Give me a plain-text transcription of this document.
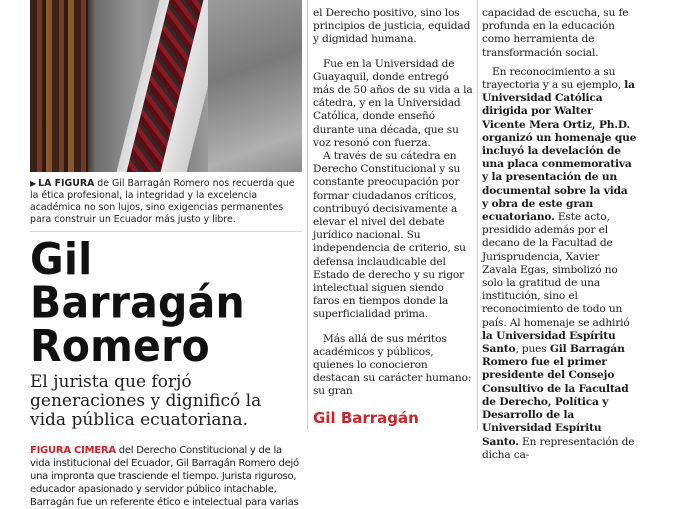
▶ LA FIGURA de Gil Barragán Romero nos recuerda que la ética profesional, la integridad y la excelencia académica no son lujos, sino exigencias permanentes para construir un Ecuador más justo y libre.
Gil Barragán
Romero
El jurista que forjó generaciones y dignificó la vida pública ecuatoriana.
FIGURA CIMERA del Derecho Constitucional y de la vida institucional del Ecuador, Gil Barragán Romero dejó una impronta que trasciende el tiempo. Jurista riguroso, educador apasionado y servidor público intachable, Barragán fue un referente ético e intelectual para varias

el Derecho positivo, sino los principios de justicia, equidad y dignidad humana.

Fue en la Universidad de Guayaquil, donde entregó más de 50 años de su vida a la cátedra, y en la Universidad Católica, donde enseñó durante una década, que su voz resonó con fuerza.

A través de su cátedra en Derecho Constitucional y su constante preocupación por formar ciudadanos críticos, contribuyó decisivamente a elevar el nivel del debate jurídico nacional. Su independencia de criterio, su defensa inclaudicable del Estado de derecho y su rigor intelectual siguen siendo faros en tiempos donde la superficialidad prima.

Más allá de sus méritos académicos y públicos, quienes lo conocieron destacan su carácter humano: su gran

Gil Barragán

capacidad de escucha, su fe profunda en la educación como herramienta de transformación social.

En reconocimiento a su trayectoria y a su ejemplo, la Universidad Católica dirigida por Walter Vicente Mera Ortiz, Ph.D. organizó un homenaje que incluyó la develación de una placa conmemorativa y la presentación de un documental sobre la vida y obra de este gran ecuatoriano. Este acto, presidido además por el decano de la Facultad de Jurisprudencia, Xavier Zavala Egas, simbolizó no solo la gratitud de una institución, sino el reconocimiento de todo un país. Al homenaje se adhirió la Universidad Espíritu Santo, pues Gil Barragán Romero fue el primer presidente del Consejo Consultivo de la Facultad de Derecho, Política y Desarrollo de la Universidad Espíritu Santo. En representación de dicha ca-
